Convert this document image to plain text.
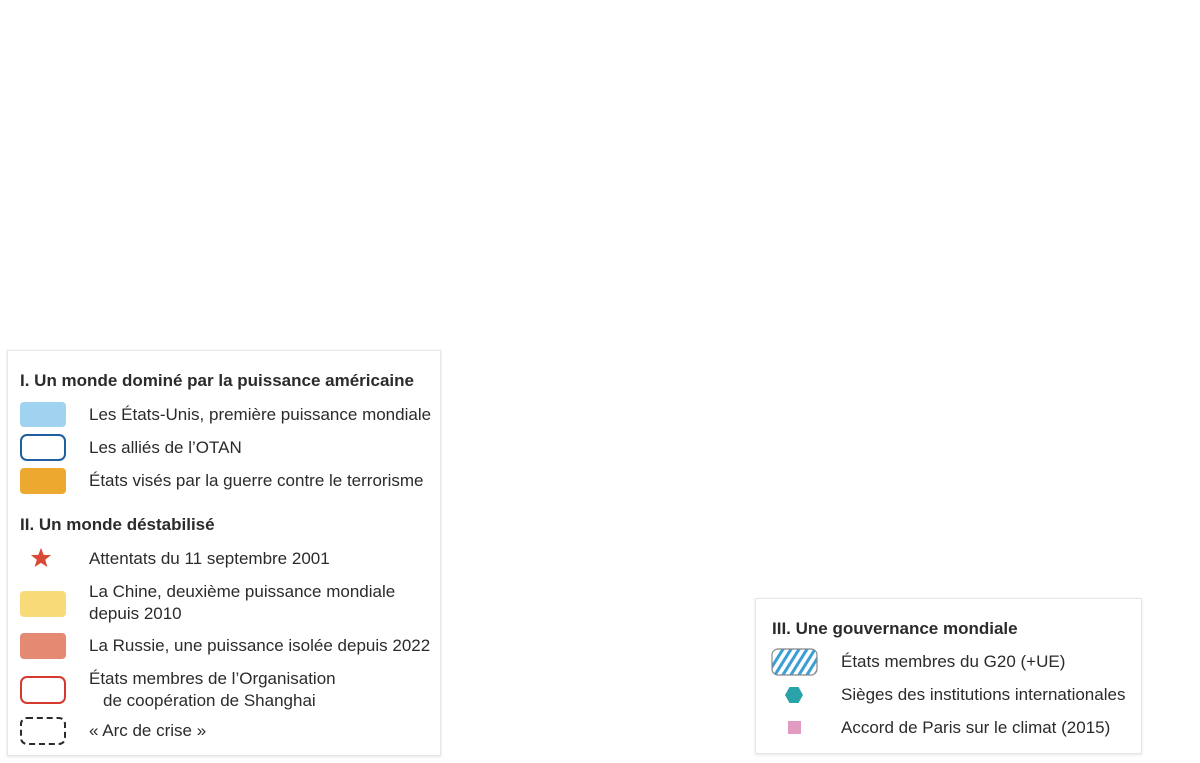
I. Un monde dominé par la puissance américaine
Les États-Unis, première puissance mondiale
Les alliés de l’OTAN
États visés par la guerre contre le terrorisme
II. Un monde déstabilisé
Attentats du 11 septembre 2001
La Chine, deuxième puissance mondiale
depuis 2010
La Russie, une puissance isolée depuis 2022
États membres de l’Organisation
de coopération de Shanghai
« Arc de crise »
III. Une gouvernance mondiale
États membres du G20 (+UE)
Sièges des institutions internationales
Accord de Paris sur le climat (2015)
